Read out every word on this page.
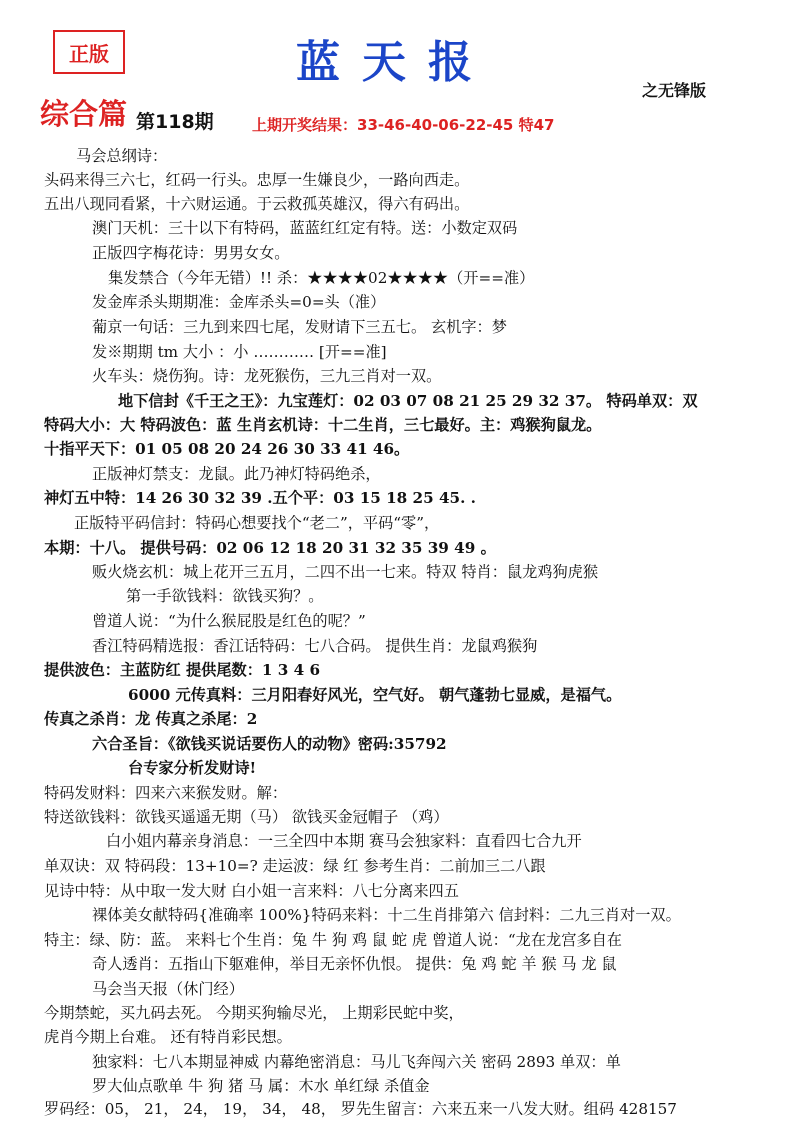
正版	蓝天报
之无锋版
综合篇 第118期	上期开奖结果：33-46-40-06-22-45 特47
马会总纲诗：
头码来得三六七，红码一行头。忠厚一生嫌良少，一路向西走。
五出八现同看紧，十六财运通。于云救孤英雄汉，得六有码出。
澳门天机：三十以下有特码，蓝蓝红红定有特。送：小数定双码
正版四字梅花诗：男男女女。
集发禁合（今年无错）!! 杀：★★★★02★★★★（开==准）
发金库杀头期期准：金库杀头=0=头（准）
葡京一句话：三九到来四七尾，发财请下三五七。 玄机字：梦
发※期期 tm 大小 ：小 ………… [开==准]
火车头：烧伤狗。诗：龙死猴伤，三九三肖对一双。
地下信封《千王之王》：九宝莲灯：02 03 07 08 21 25 29 32 37。 特码单双：双
特码大小：大 特码波色：蓝 生肖玄机诗：十二生肖，三七最好。主：鸡猴狗鼠龙。
十指平天下：01 05 08 20 24 26 30 33 41 46。
正版神灯禁支：龙鼠。此乃神灯特码绝杀，
神灯五中特：14 26 30 32 39 .五个平：03 15 18 25 45. .
正版特平码信封：特码心想要找个“老二”，平码“零”，
本期：十八。 提供号码：02 06 12 18 20 31 32 35 39 49 。
贩火烧玄机：城上花开三五月，二四不出一七来。特双 特肖：鼠龙鸡狗虎猴
第一手欲钱料：欲钱买狗？。
曾道人说：“为什么猴屁股是红色的呢？”
香江特码精选报：香江话特码：七八合码。 提供生肖：龙鼠鸡猴狗
提供波色：主蓝防红 提供尾数：1 3 4 6
6000 元传真料：三月阳春好风光，空气好。 朝气蓬勃七显威，是福气。
传真之杀肖：龙 传真之杀尾：2
六合圣旨：《欲钱买说话要伤人的动物》密码:35792
台专家分析发财诗!
特码发财料：四来六来猴发财。解：
特送欲钱料：欲钱买遥遥无期（马） 欲钱买金冠帽子 （鸡）
白小姐内幕亲身消息：一三全四中本期 赛马会独家料：直看四七合九开
单双诀：双 特码段：13+10=? 走运波：绿 红 参考生肖：二前加三二八跟
见诗中特：从中取一发大财 白小姐一言来料：八七分离来四五
裸体美女献特码{准确率 100%}特码来料：十二生肖排第六 信封料：二九三肖对一双。
特主：绿、防：蓝。 来料七个生肖：兔 牛 狗 鸡 鼠 蛇 虎 曾道人说：“龙在龙宫多自在
奇人透肖：五指山下躯难伸，举目无亲怀仇恨。 提供：兔 鸡 蛇 羊 猴 马 龙 鼠
马会当天报（休门经）
今期禁蛇，买九码去死。 今期买狗输尽光， 上期彩民蛇中奖，
虎肖今期上台难。 还有特肖彩民想。
独家料：七八本期显神威 内幕绝密消息：马儿飞奔闯六关 密码 2893 单双：单
罗大仙点歌单 牛 狗 猪 马 属：木水 单红绿 杀值金
罗码经：05， 21， 24， 19， 34， 48， 罗先生留言：六来五来一八发大财。组码 428157
